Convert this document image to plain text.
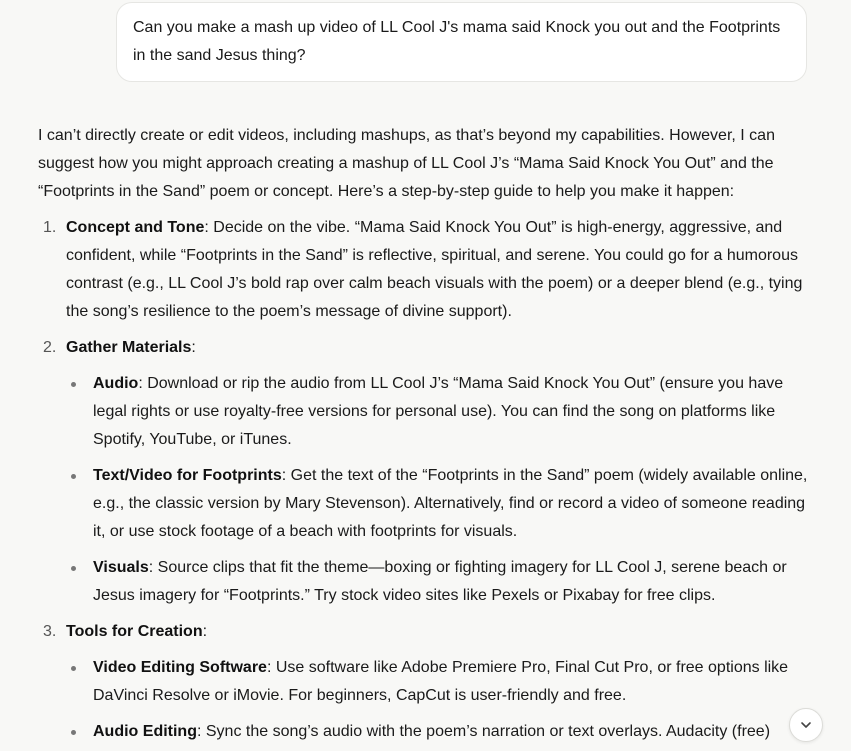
Can you make a mash up video of LL Cool J's mama said Knock you out and the Footprints in the sand Jesus thing?

I can’t directly create or edit videos, including mashups, as that’s beyond my capabilities. However, I can suggest how you might approach creating a mashup of LL Cool J’s “Mama Said Knock You Out” and the “Footprints in the Sand” poem or concept. Here’s a step-by-step guide to help you make it happen:

1. Concept and Tone: Decide on the vibe. “Mama Said Knock You Out” is high-energy, aggressive, and confident, while “Footprints in the Sand” is reflective, spiritual, and serene. You could go for a humorous contrast (e.g., LL Cool J’s bold rap over calm beach visuals with the poem) or a deeper blend (e.g., tying the song’s resilience to the poem’s message of divine support).
2. Gather Materials:
Audio: Download or rip the audio from LL Cool J’s “Mama Said Knock You Out” (ensure you have legal rights or use royalty-free versions for personal use). You can find the song on platforms like Spotify, YouTube, or iTunes.
Text/Video for Footprints: Get the text of the “Footprints in the Sand” poem (widely available online, e.g., the classic version by Mary Stevenson). Alternatively, find or record a video of someone reading it, or use stock footage of a beach with footprints for visuals.
Visuals: Source clips that fit the theme—boxing or fighting imagery for LL Cool J, serene beach or Jesus imagery for “Footprints.” Try stock video sites like Pexels or Pixabay for free clips.
3. Tools for Creation:
Video Editing Software: Use software like Adobe Premiere Pro, Final Cut Pro, or free options like DaVinci Resolve or iMovie. For beginners, CapCut is user-friendly and free.
Audio Editing: Sync the song’s audio with the poem’s narration or text overlays. Audacity (free)
